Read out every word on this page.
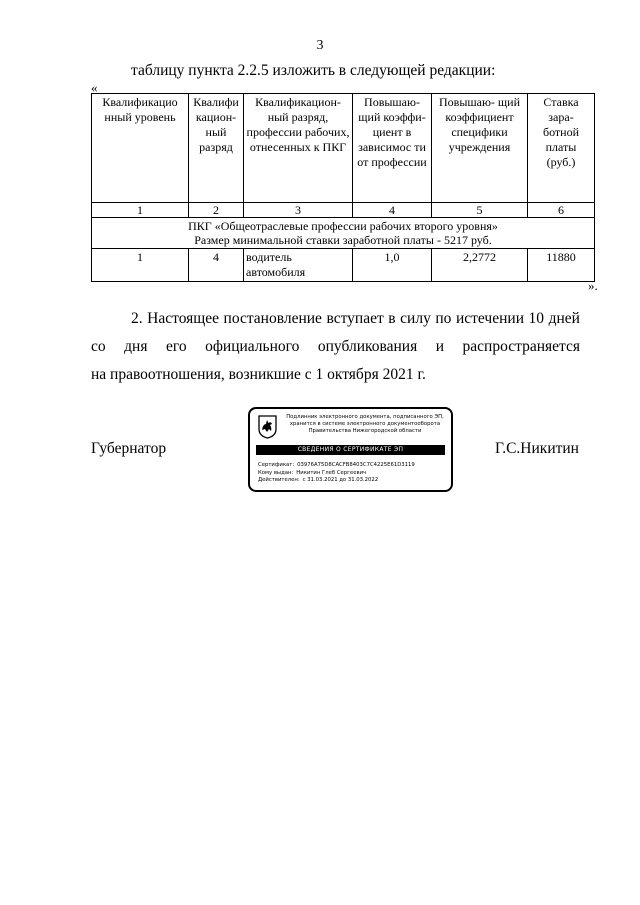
3
таблицу пункта 2.2.5 изложить в следующей редакции:
«
Квалификацио нный уровень	Квалифи кацион- ный разряд	Квалификацион- ный разряд, профессии рабочих, отнесенных к ПКГ	Повышаю- щий коэффи- циент в зависимос ти от профессии	Повышаю- щий коэффициент специфики учреждения	Ставка зара- ботной платы (руб.)
1	2	3	4	5	6

ПКГ «Общеотраслевые профессии рабочих второго уровня»
Размер минимальной ставки заработной платы - 5217 руб.					

1	4	водитель автомобиля	1,0	2,2772	11880
».
2. Настоящее постановление вступает в силу по истечении 10 дней
со дня его официального опубликования и распространяется
на правоотношения, возникшие с 1 октября 2021 г.
Губернатор
Подлинник электронного документа, подписанного ЭП,
хранится в системе электронного документооборота
Правительства Нижегородской области
СВЕДЕНИЯ О СЕРТИФИКАТЕ ЭП
Сертификат: 03976A75D8CACFB8403C7C4225E61D3119
Кому выдан: Никитин Глеб Сергеевич
Действителен: с 31.03.2021 до 31.03.2022
Г.С.Никитин
